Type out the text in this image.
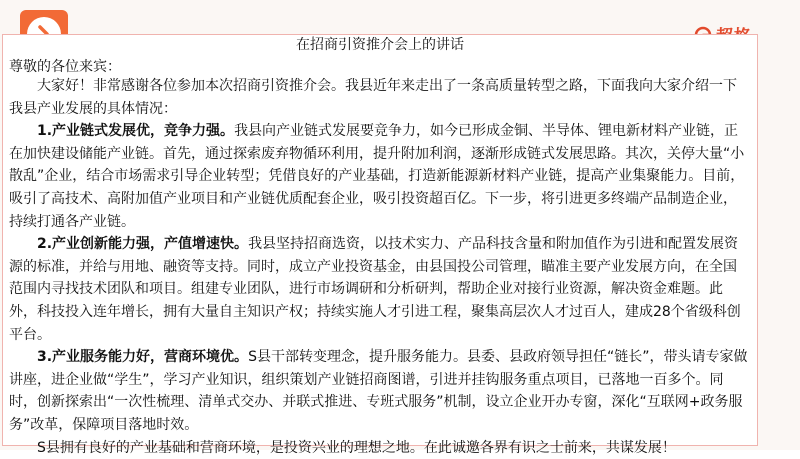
在招商引资推介会上的讲话
尊敬的各位来宾：

大家好！非常感谢各位参加本次招商引资推介会。我县近年来走出了一条高质量转型之路，下面我向大家介绍一下我县产业发展的具体情况：

1.产业链式发展优，竞争力强。我县向产业链式发展要竞争力，如今已形成金铜、半导体、锂电新材料产业链，正在加快建设储能产业链。首先，通过探索废弃物循环利用，提升附加利润，逐渐形成链式发展思路。其次，关停大量“小散乱”企业，结合市场需求引导企业转型；凭借良好的产业基础，打造新能源新材料产业链，提高产业集聚能力。目前，吸引了高技术、高附加值产业项目和产业链优质配套企业，吸引投资超百亿。下一步，将引进更多终端产品制造企业，持续打通各产业链。

2.产业创新能力强，产值增速快。我县坚持招商选资，以技术实力、产品科技含量和附加值作为引进和配置发展资源的标准，并给与用地、融资等支持。同时，成立产业投资基金，由县国投公司管理，瞄准主要产业发展方向，在全国范围内寻找技术团队和项目。组建专业团队，进行市场调研和分析研判，帮助企业对接行业资源，解决资金难题。此外，科技投入连年增长，拥有大量自主知识产权；持续实施人才引进工程，聚集高层次人才过百人，建成28个省级科创平台。

3.产业服务能力好，营商环境优。S县干部转变理念，提升服务能力。县委、县政府领导担任“链长”，带头请专家做讲座，进企业做“学生”，学习产业知识，组织策划产业链招商图谱，引进并挂钩服务重点项目，已落地一百多个。同时，创新探索出“一次性梳理、清单式交办、并联式推进、专班式服务”机制，设立企业开办专窗，深化“互联网+政务服务”改革，保障项目落地时效。

S县拥有良好的产业基础和营商环境，是投资兴业的理想之地。在此诚邀各界有识之士前来，共谋发展！
